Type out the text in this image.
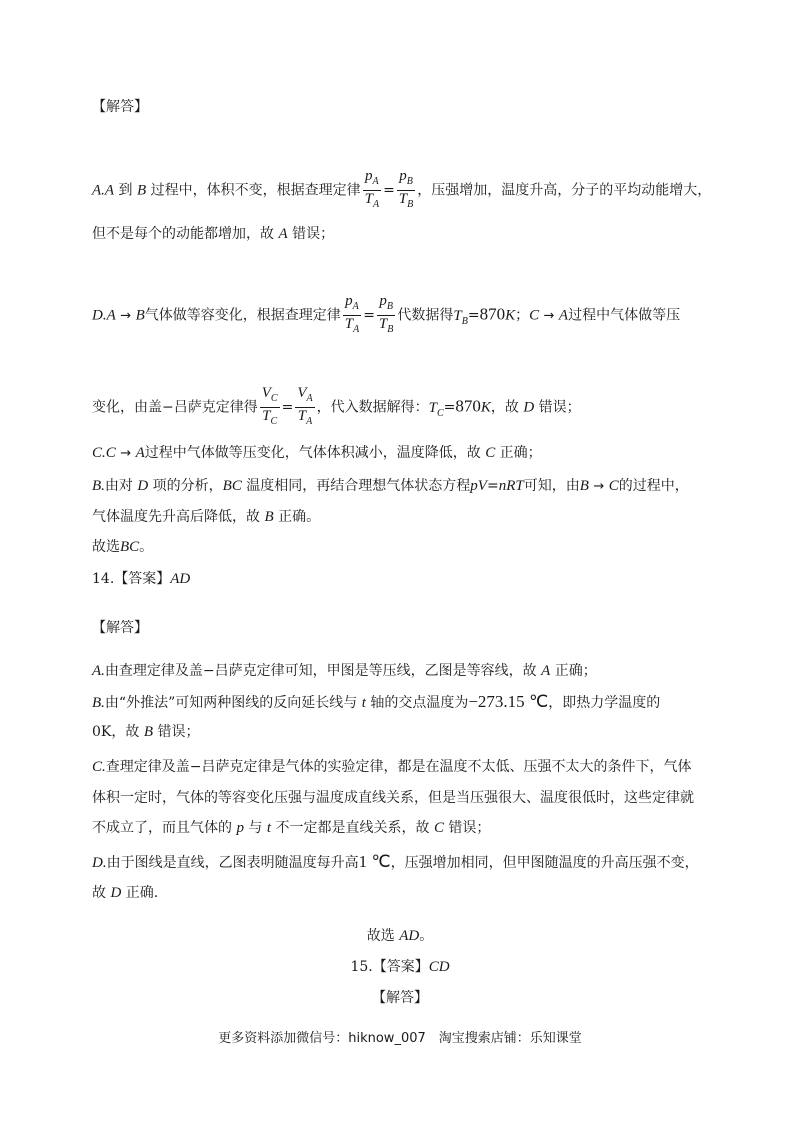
【解答】
A.A 到 B 过程中，体积不变，根据查理定律 $\frac{p_A}{T_A} = \frac{p_B}{T_B}$ ，压强增加，温度升高，分子的平均动能增大，
但不是每个的动能都增加，故 A 错误；
D.A → B气体做等容变化，根据查理定律 $\frac{p_A}{T_A} = \frac{p_B}{T_B}$ 代数据得$T_B=870K$；C → A过程中气体做等压
变化，由盖−吕萨克定律得 $\frac{V_C}{T_C} = \frac{V_A}{T_A}$ ，代入数据解得：$T_C=870K$，故 D 错误；
C.C → A过程中气体做等压变化，气体体积减小，温度降低，故 C 正确；
B.由对 D 项的分析，BC 温度相同，再结合理想气体状态方程pV=nRT可知，由B → C的过程中，
气体温度先升高后降低，故 B 正确。
故选BC。
14.【答案】AD
【解答】
A.由查理定律及盖−吕萨克定律可知，甲图是等压线，乙图是等容线，故 A 正确；
B.由“外推法”可知两种图线的反向延长线与 t 轴的交点温度为−273.15 ℃，即热力学温度的
0K，故 B 错误；
C.查理定律及盖−吕萨克定律是气体的实验定律，都是在温度不太低、压强不太大的条件下，气体
体积一定时，气体的等容变化压强与温度成直线关系，但是当压强很大、温度很低时，这些定律就
不成立了，而且气体的 p 与 t 不一定都是直线关系，故 C 错误；
D.由于图线是直线，乙图表明随温度每升高1 ℃，压强增加相同，但甲图随温度的升高压强不变，
故 D 正确.
故选 AD。
15.【答案】CD
【解答】
更多资料添加微信号：hiknow_007　淘宝搜索店铺：乐知课堂
